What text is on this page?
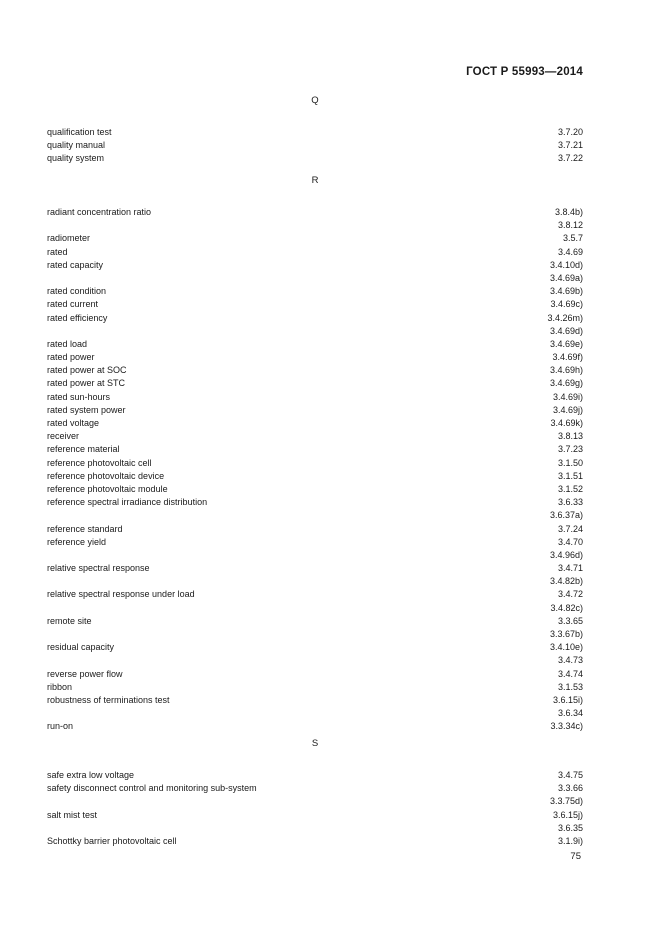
ГОСТ Р 55993—2014
Q
qualification test	3.7.20
quality manual	3.7.21
quality system	3.7.22
R
radiant concentration ratio	3.8.4b)
3.8.12
radiometer	3.5.7
rated	3.4.69
rated capacity	3.4.10d)
3.4.69a)
rated condition	3.4.69b)
rated current	3.4.69c)
rated efficiency	3.4.26m)
3.4.69d)
rated load	3.4.69e)
rated power	3.4.69f)
rated power at SOC	3.4.69h)
rated power at STC	3.4.69g)
rated sun-hours	3.4.69i)
rated system power	3.4.69j)
rated voltage	3.4.69k)
receiver	3.8.13
reference material	3.7.23
reference photovoltaic cell	3.1.50
reference photovoltaic device	3.1.51
reference photovoltaic module	3.1.52
reference spectral irradiance distribution	3.6.33
3.6.37a)
reference standard	3.7.24
reference yield	3.4.70
3.4.96d)
relative spectral response	3.4.71
3.4.82b)
relative spectral response under load	3.4.72
3.4.82c)
remote site	3.3.65
3.3.67b)
residual capacity	3.4.10e)
3.4.73
reverse power flow	3.4.74
ribbon	3.1.53
robustness of terminations test	3.6.15i)
3.6.34
run-on	3.3.34c)
S
safe extra low voltage	3.4.75
safety disconnect control and monitoring sub-system	3.3.66
3.3.75d)
salt mist test	3.6.15j)
3.6.35
Schottky barrier photovoltaic cell	3.1.9i)
75
